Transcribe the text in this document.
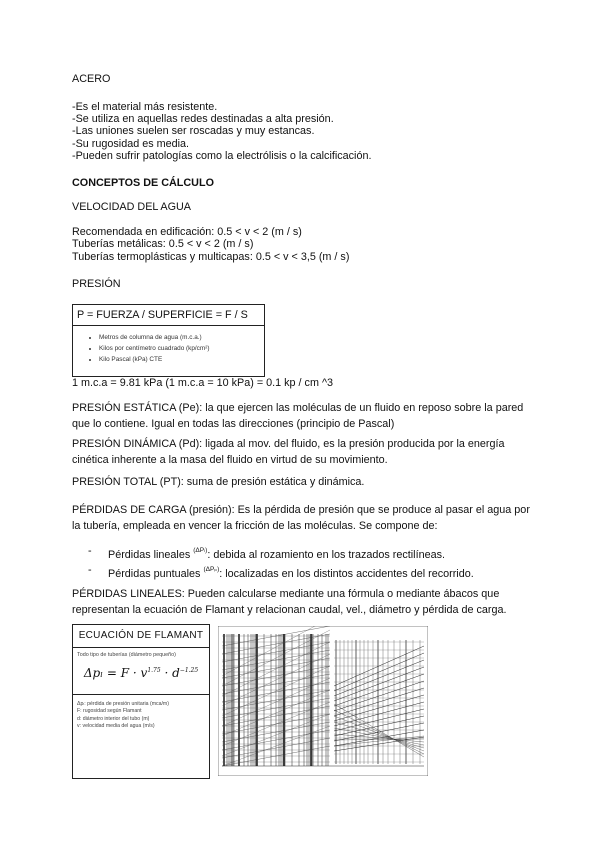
ACERO
-Es el material más resistente.
-Se utiliza en aquellas redes destinadas a alta presión.
-Las uniones suelen ser roscadas y muy estancas.
-Su rugosidad es media.
-Pueden sufrir patologías como la electrólisis o la calcificación.
CONCEPTOS DE CÁLCULO
VELOCIDAD DEL AGUA
Recomendada en edificación: 0.5 < v < 2 (m / s)
Tuberías metálicas: 0.5 < v < 2 (m / s)
Tuberías termoplásticas y multicapas: 0.5 < v < 3,5 (m / s)
PRESIÓN
P = FUERZA / SUPERFICIE = F / S
• Metros de columna de agua (m.c.a.)
• Kilos por centímetro cuadrado (kp/cm²)
• Kilo Pascal (kPa) CTE
1 m.c.a = 9.81 kPa (1 m.c.a = 10 kPa) = 0.1 kp / cm ^3
PRESIÓN ESTÁTICA (Pe): la que ejercen las moléculas de un fluido en reposo sobre la pared que lo contiene. Igual en todas las direcciones (principio de Pascal)
PRESIÓN DINÁMICA (Pd): ligada al mov. del fluido, es la presión producida por la energía cinética inherente a la masa del fluido en virtud de su movimiento.
PRESIÓN TOTAL (PT): suma de presión estática y dinámica.
PÉRDIDAS DE CARGA (presión): Es la pérdida de presión que se produce al pasar el agua por la tubería, empleada en vencer la fricción de las moléculas. Se compone de:
- Pérdidas lineales $^{(\Delta P_l)}$: debida al rozamiento en los trazados rectilíneas.
- Pérdidas puntuales $^{(\Delta P_p)}$: localizadas en los distintos accidentes del recorrido.
PÉRDIDAS LINEALES: Pueden calcularse mediante una fórmula o mediante ábacos que representan la ecuación de Flamant y relacionan caudal, vel., diámetro y pérdida de carga.
ECUACIÓN DE FLAMANT
Todo tipo de tuberías (diámetro pequeño)
$\Delta p_l = F \cdot v^{1.75} \cdot d^{-1.25}$
Δpₗ: pérdida de presión unitaria (mca/m)
F: rugosidad según Flamant
d: diámetro interior del tubo (m)
v: velocidad media del agua (m/s)
